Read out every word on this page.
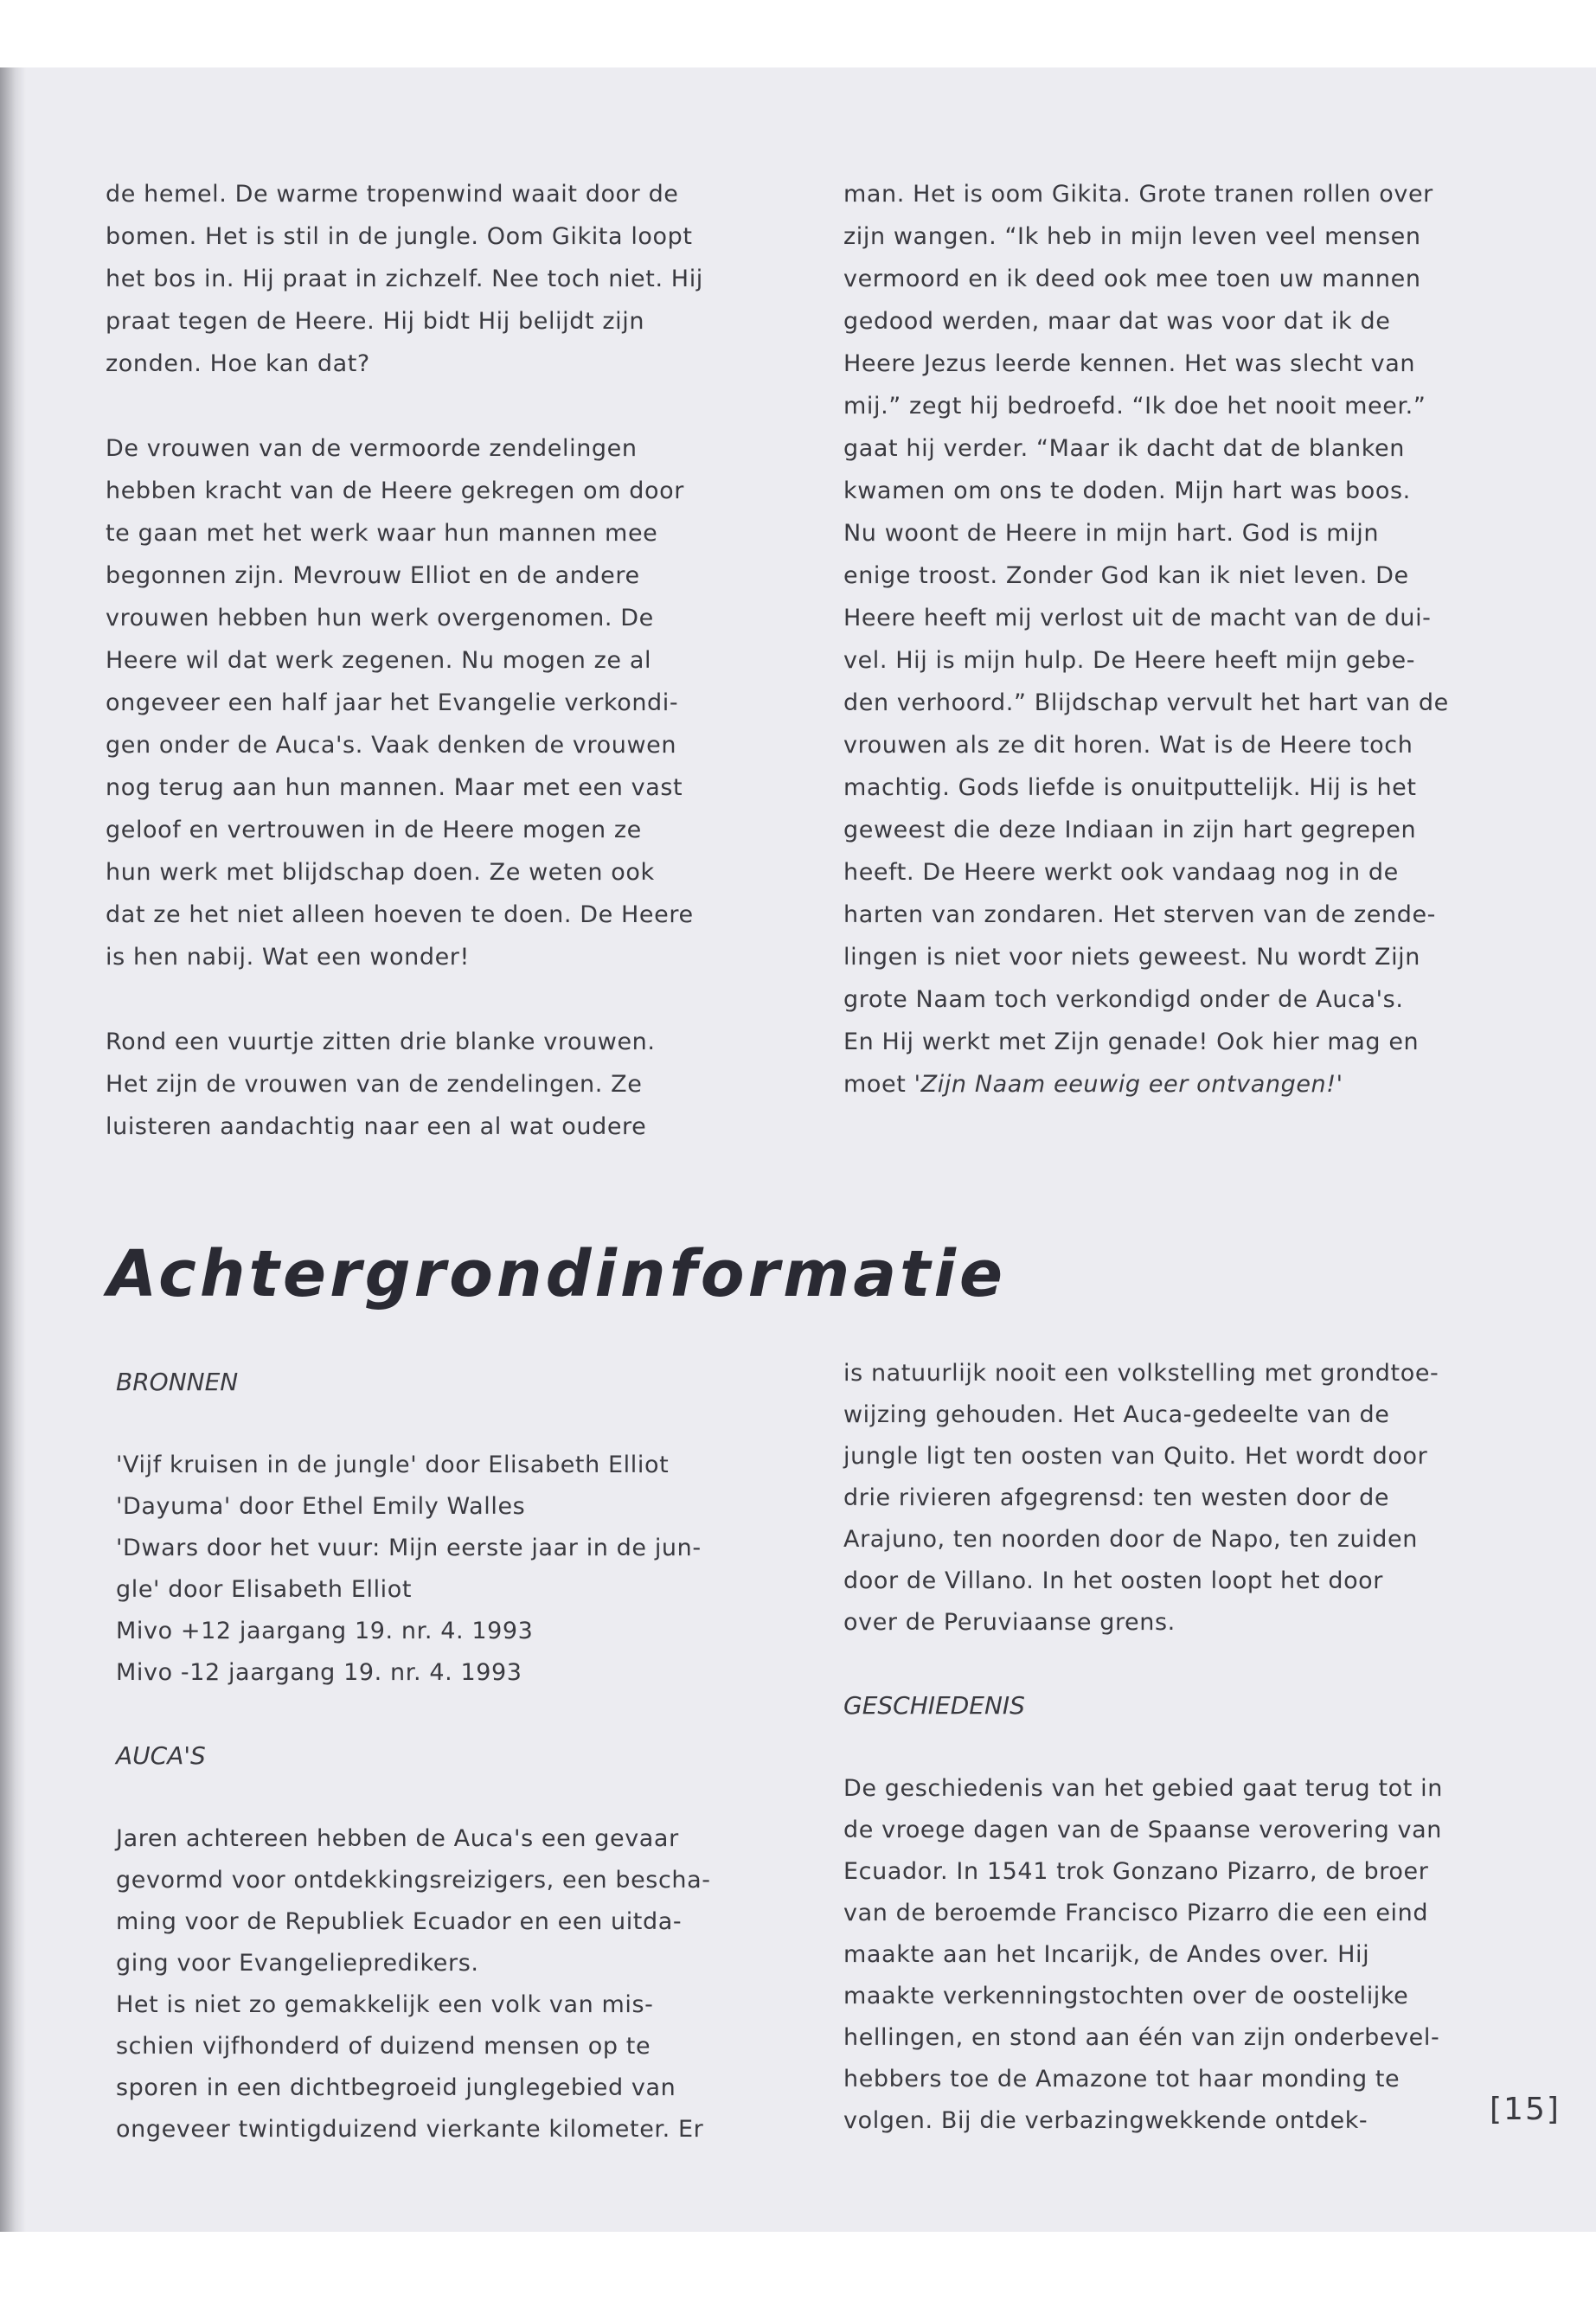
de hemel. De warme tropenwind waait door de
bomen. Het is stil in de jungle. Oom Gikita loopt
het bos in. Hij praat in zichzelf. Nee toch niet. Hij
praat tegen de Heere. Hij bidt Hij belijdt zijn
zonden. Hoe kan dat?
De vrouwen van de vermoorde zendelingen
hebben kracht van de Heere gekregen om door
te gaan met het werk waar hun mannen mee
begonnen zijn. Mevrouw Elliot en de andere
vrouwen hebben hun werk overgenomen. De
Heere wil dat werk zegenen. Nu mogen ze al
ongeveer een half jaar het Evangelie verkondi-
gen onder de Auca's. Vaak denken de vrouwen
nog terug aan hun mannen. Maar met een vast
geloof en vertrouwen in de Heere mogen ze
hun werk met blijdschap doen. Ze weten ook
dat ze het niet alleen hoeven te doen. De Heere
is hen nabij. Wat een wonder!
Rond een vuurtje zitten drie blanke vrouwen.
Het zijn de vrouwen van de zendelingen. Ze
luisteren aandachtig naar een al wat oudere
man. Het is oom Gikita. Grote tranen rollen over
zijn wangen. “Ik heb in mijn leven veel mensen
vermoord en ik deed ook mee toen uw mannen
gedood werden, maar dat was voor dat ik de
Heere Jezus leerde kennen. Het was slecht van
mij.” zegt hij bedroefd. “Ik doe het nooit meer.”
gaat hij verder. “Maar ik dacht dat de blanken
kwamen om ons te doden. Mijn hart was boos.
Nu woont de Heere in mijn hart. God is mijn
enige troost. Zonder God kan ik niet leven. De
Heere heeft mij verlost uit de macht van de dui-
vel. Hij is mijn hulp. De Heere heeft mijn gebe-
den verhoord.” Blijdschap vervult het hart van de
vrouwen als ze dit horen. Wat is de Heere toch
machtig. Gods liefde is onuitputtelijk. Hij is het
geweest die deze Indiaan in zijn hart gegrepen
heeft. De Heere werkt ook vandaag nog in de
harten van zondaren. Het sterven van de zende-
lingen is niet voor niets geweest. Nu wordt Zijn
grote Naam toch verkondigd onder de Auca's.
En Hij werkt met Zijn genade! Ook hier mag en
moet 'Zijn Naam eeuwig eer ontvangen!'
Achtergrondinformatie
BRONNEN
'Vijf kruisen in de jungle' door Elisabeth Elliot
'Dayuma' door Ethel Emily Walles
'Dwars door het vuur: Mijn eerste jaar in de jun-
gle' door Elisabeth Elliot
Mivo +12 jaargang 19. nr. 4. 1993
Mivo -12 jaargang 19. nr. 4. 1993
AUCA'S
Jaren achtereen hebben de Auca's een gevaar
gevormd voor ontdekkingsreizigers, een bescha-
ming voor de Republiek Ecuador en een uitda-
ging voor Evangeliepredikers.
Het is niet zo gemakkelijk een volk van mis-
schien vijfhonderd of duizend mensen op te
sporen in een dichtbegroeid junglegebied van
ongeveer twintigduizend vierkante kilometer. Er
is natuurlijk nooit een volkstelling met grondtoe-
wijzing gehouden. Het Auca-gedeelte van de
jungle ligt ten oosten van Quito. Het wordt door
drie rivieren afgegrensd: ten westen door de
Arajuno, ten noorden door de Napo, ten zuiden
door de Villano. In het oosten loopt het door
over de Peruviaanse grens.
GESCHIEDENIS
De geschiedenis van het gebied gaat terug tot in
de vroege dagen van de Spaanse verovering van
Ecuador. In 1541 trok Gonzano Pizarro, de broer
van de beroemde Francisco Pizarro die een eind
maakte aan het Incarijk, de Andes over. Hij
maakte verkenningstochten over de oostelijke
hellingen, en stond aan één van zijn onderbevel-
hebbers toe de Amazone tot haar monding te
volgen. Bij die verbazingwekkende ontdek-	[15]
